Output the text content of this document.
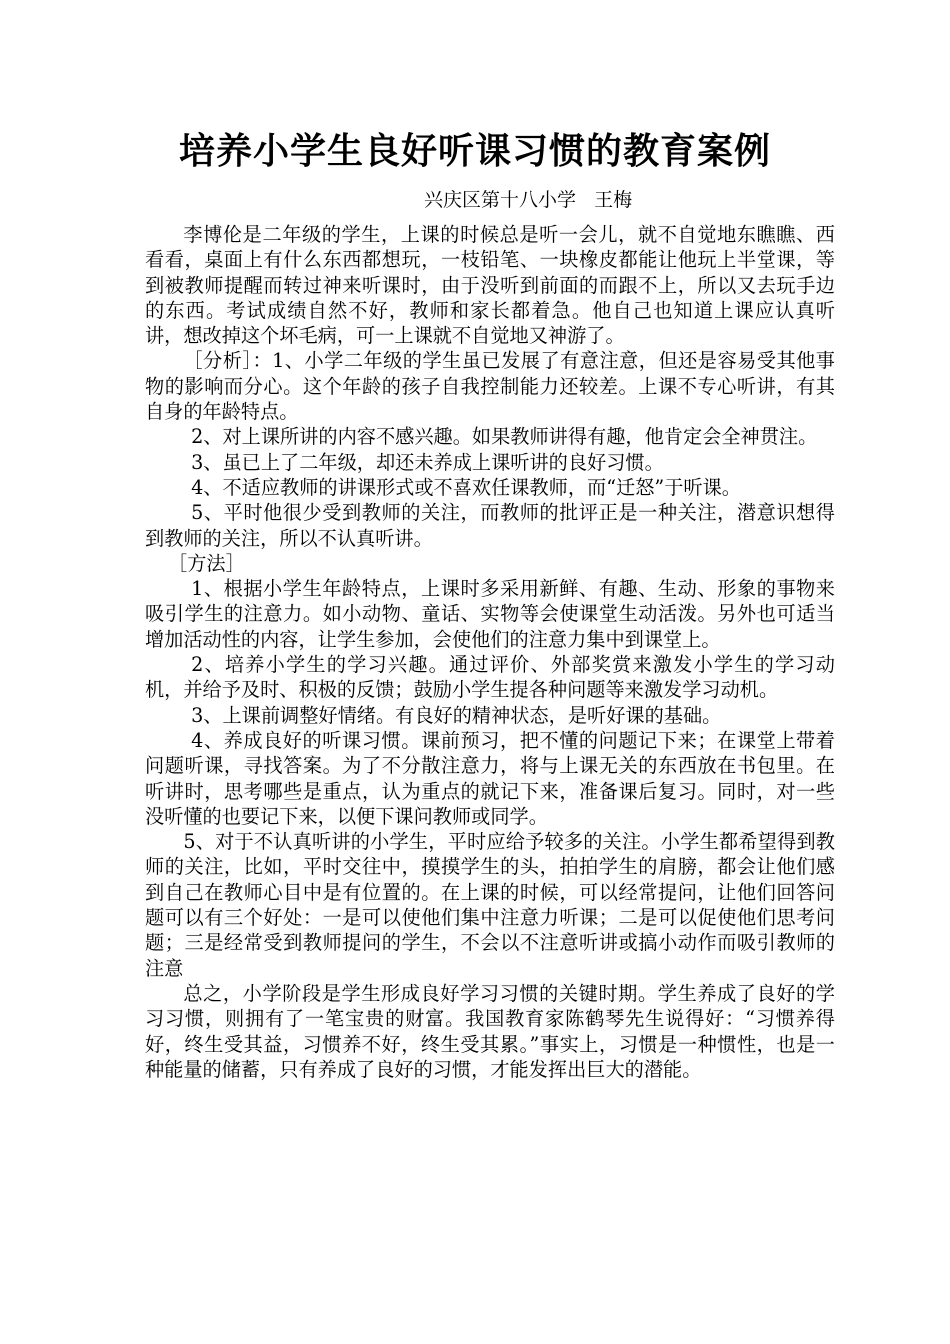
培养小学生良好听课习惯的教育案例
兴庆区第十八小学   王梅

李博伦是二年级的学生，上课的时候总是听一会儿，就不自觉地东瞧瞧、西看看，桌面上有什么东西都想玩，一枝铅笔、一块橡皮都能让他玩上半堂课，等到被教师提醒而转过神来听课时，由于没听到前面的而跟不上，所以又去玩手边的东西。考试成绩自然不好，教师和家长都着急。他自己也知道上课应认真听讲，想改掉这个坏毛病，可一上课就不自觉地又神游了。

［分析］：1、小学二年级的学生虽已发展了有意注意，但还是容易受其他事物的影响而分心。这个年龄的孩子自我控制能力还较差。上课不专心听讲，有其自身的年龄特点。

2、对上课所讲的内容不感兴趣。如果教师讲得有趣，他肯定会全神贯注。

3、虽已上了二年级，却还未养成上课听讲的良好习惯。

4、不适应教师的讲课形式或不喜欢任课教师，而“迁怒”于听课。

5、平时他很少受到教师的关注，而教师的批评正是一种关注，潜意识想得到教师的关注，所以不认真听讲。

［方法］

1、根据小学生年龄特点，上课时多采用新鲜、有趣、生动、形象的事物来吸引学生的注意力。如小动物、童话、实物等会使课堂生动活泼。另外也可适当增加活动性的内容，让学生参加，会使他们的注意力集中到课堂上。

2、培养小学生的学习兴趣。通过评价、外部奖赏来激发小学生的学习动机，并给予及时、积极的反馈；鼓励小学生提各种问题等来激发学习动机。

3、上课前调整好情绪。有良好的精神状态，是听好课的基础。

4、养成良好的听课习惯。课前预习，把不懂的问题记下来；在课堂上带着问题听课，寻找答案。为了不分散注意力，将与上课无关的东西放在书包里。在听讲时，思考哪些是重点，认为重点的就记下来，准备课后复习。同时，对一些没听懂的也要记下来，以便下课问教师或同学。

5、对于不认真听讲的小学生，平时应给予较多的关注。小学生都希望得到教师的关注，比如，平时交往中，摸摸学生的头，拍拍学生的肩膀，都会让他们感到自己在教师心目中是有位置的。在上课的时候，可以经常提问，让他们回答问题可以有三个好处：一是可以使他们集中注意力听课；二是可以促使他们思考问题；三是经常受到教师提问的学生，不会以不注意听讲或搞小动作而吸引教师的注意

总之，小学阶段是学生形成良好学习习惯的关键时期。学生养成了良好的学习习惯，则拥有了一笔宝贵的财富。我国教育家陈鹤琴先生说得好：“习惯养得好，终生受其益，习惯养不好，终生受其累。”事实上，习惯是一种惯性，也是一种能量的储蓄，只有养成了良好的习惯，才能发挥出巨大的潜能。
